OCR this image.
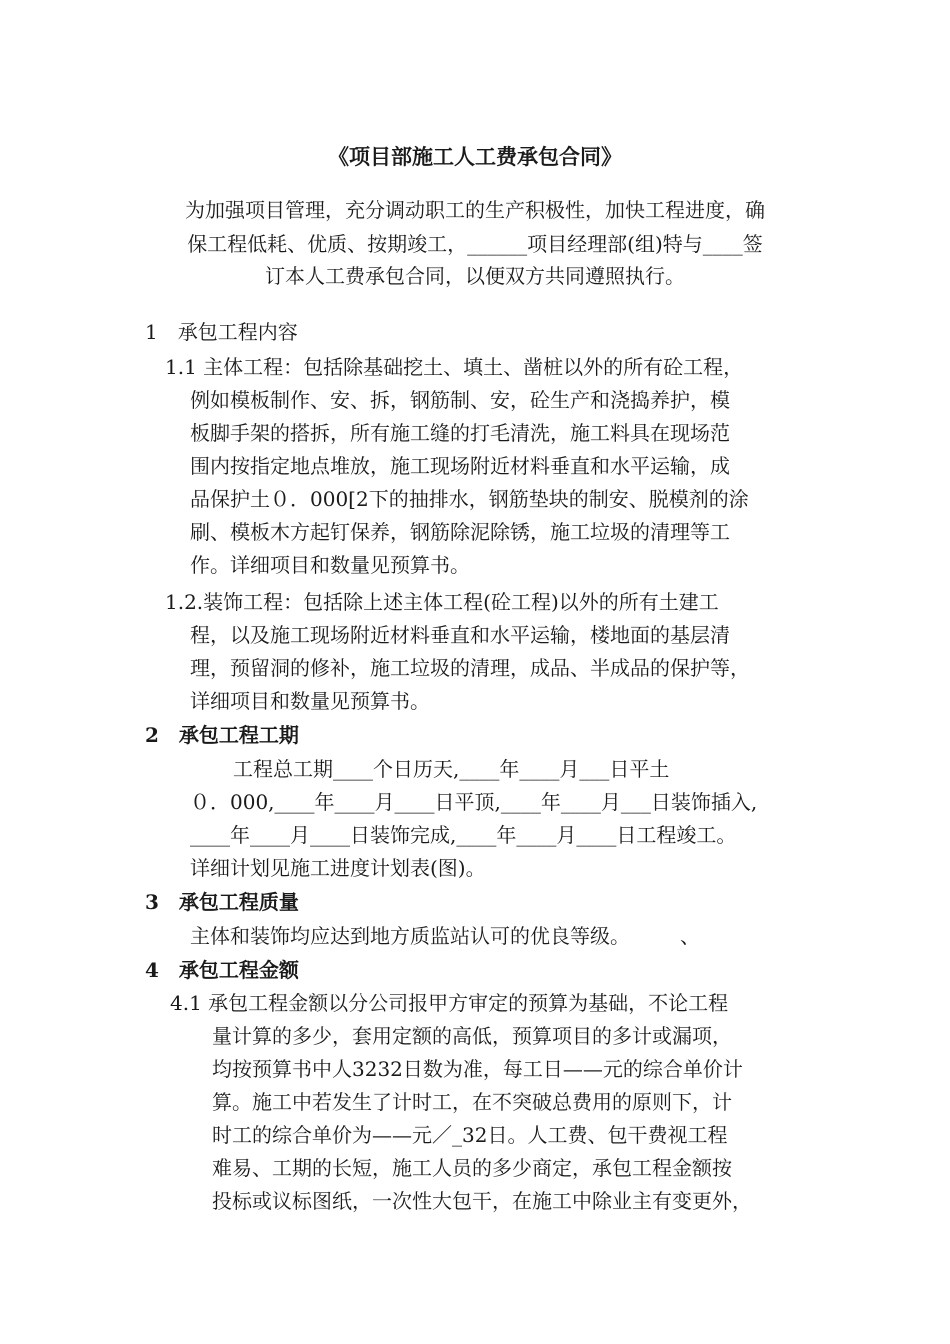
《项目部施工人工费承包合同》
为加强项目管理，充分调动职工的生产积极性，加快工程进度，确
保工程低耗、优质、按期竣工，______项目经理部(组)特与____签
订本人工费承包合同，以便双方共同遵照执行。
1　承包工程内容
1.1 主体工程：包括除基础挖土、填土、凿桩以外的所有砼工程，
例如模板制作、安、拆，钢筋制、安，砼生产和浇捣养护，模
板脚手架的搭拆，所有施工缝的打毛清洗，施工料具在现场范
围内按指定地点堆放，施工现场附近材料垂直和水平运输，成
品保护土０．000[2下的抽排水，钢筋垫块的制安、脱模剂的涂
刷、模板木方起钉保养，钢筋除泥除锈，施工垃圾的清理等工
作。详细项目和数量见预算书。
1.2.装饰工程：包括除上述主体工程(砼工程)以外的所有土建工
程，以及施工现场附近材料垂直和水平运输，楼地面的基层清
理，预留洞的修补，施工垃圾的清理，成品、半成品的保护等，
详细项目和数量见预算书。
2　承包工程工期
工程总工期____个日历天,____年____月___日平土
０．000,____年____月____日平顶,____年____月___日装饰插入,
____年____月____日装饰完成,____年____月____日工程竣工。
详细计划见施工进度计划表(图)。
3　承包工程质量
主体和装饰均应达到地方质监站认可的优良等级。　　　、
4　承包工程金额
4.1 承包工程金额以分公司报甲方审定的预算为基础，不论工程
量计算的多少，套用定额的高低，预算项目的多计或漏项，
均按预算书中人3232日数为准，每工日——元的综合单价计
算。施工中若发生了计时工，在不突破总费用的原则下，计
时工的综合单价为——元／_32日。人工费、包干费视工程
难易、工期的长短，施工人员的多少商定，承包工程金额按
投标或议标图纸，一次性大包干，在施工中除业主有变更外，
